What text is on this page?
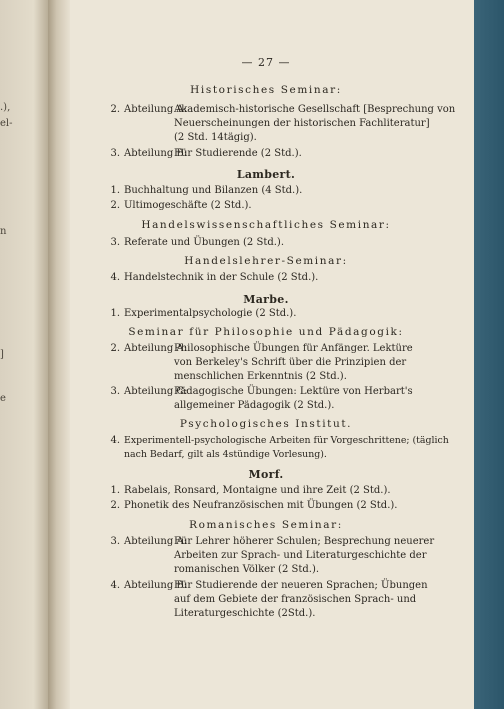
.),
el-
n
]
e
— 27 —
Historisches Seminar:
2. Abteilung A:
Akademisch-historische Gesellschaft [Besprechung von
Neuerscheinungen der historischen Fachliteratur]
(2 Std. 14tägig).
3. Abteilung B:
Für Studierende (2 Std.).
Lambert.
1. Buchhaltung und Bilanzen (4 Std.).
2. Ultimogeschäfte (2 Std.).
Handelswissenschaftliches Seminar:
3. Referate und Übungen (2 Std.).
Handelslehrer-Seminar:
4. Handelstechnik in der Schule (2 Std.).
Marbe.
1. Experimentalpsychologie (2 Std.).
Seminar für Philosophie und Pädagogik:
2. Abteilung A:
Philosophische Übungen für Anfänger. Lektüre
von Berkeley's Schrift über die Prinzipien der
menschlichen Erkenntnis (2 Std.).
3. Abteilung C:
Pädagogische Übungen: Lektüre von Herbart's
allgemeiner Pädagogik (2 Std.).
Psychologisches Institut.
4. Experimentell-psychologische Arbeiten für Vorgeschrittene; (täglich
nach Bedarf, gilt als 4stündige Vorlesung).
Morf.
1. Rabelais, Ronsard, Montaigne und ihre Zeit (2 Std.).
2. Phonetik des Neufranzösischen mit Übungen (2 Std.).
Romanisches Seminar:
3. Abteilung A:
Für Lehrer höherer Schulen; Besprechung neuerer
Arbeiten zur Sprach- und Literaturgeschichte der
romanischen Völker (2 Std.).
4. Abteilung B:
Für Studierende der neueren Sprachen; Übungen
auf dem Gebiete der französischen Sprach- und
Literaturgeschichte (2Std.).
